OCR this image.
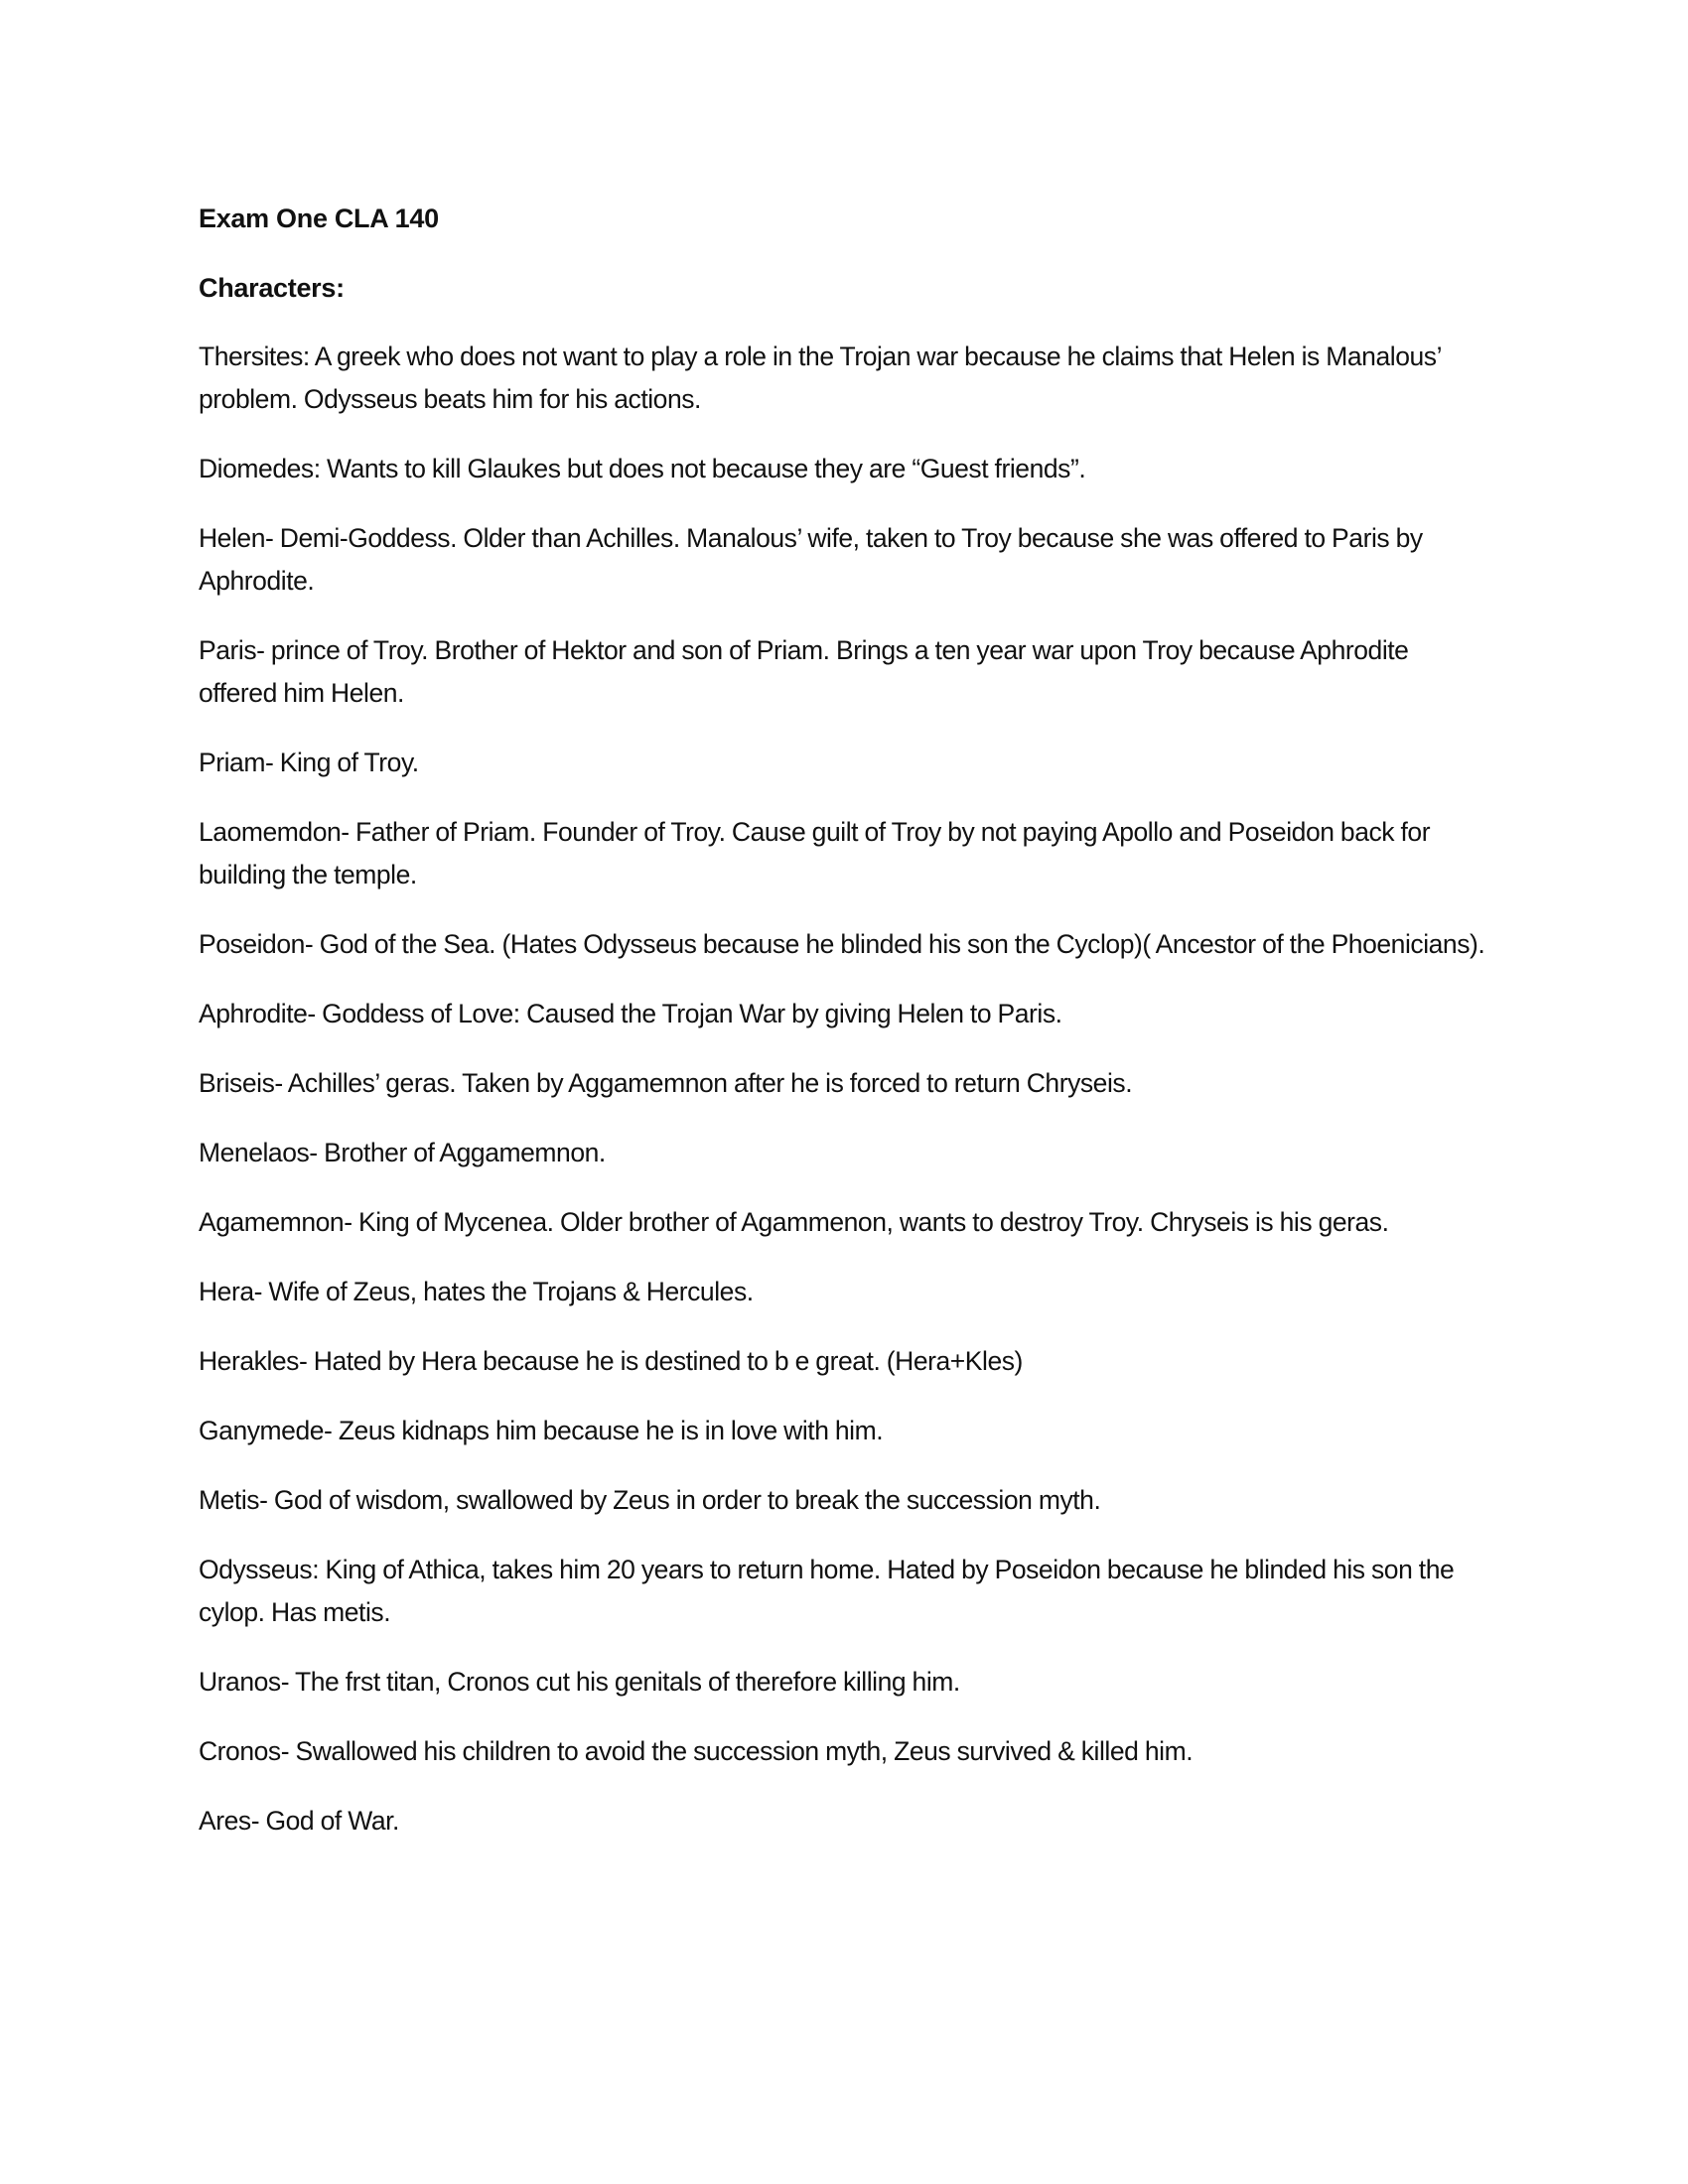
Exam One CLA 140

Characters:

Thersites: A greek who does not want to play a role in the Trojan war because he claims that Helen is Manalous’ problem. Odysseus beats him for his actions.

Diomedes: Wants to kill Glaukes but does not because they are “Guest friends”.

Helen- Demi-Goddess. Older than Achilles. Manalous’ wife, taken to Troy because she was offered to Paris by Aphrodite.

Paris- prince of Troy. Brother of Hektor and son of Priam. Brings a ten year war upon Troy because Aphrodite offered him Helen.

Priam- King of Troy.

Laomemdon- Father of Priam. Founder of Troy. Cause guilt of Troy by not paying Apollo and Poseidon back for building the temple.

Poseidon- God of the Sea. (Hates Odysseus because he blinded his son the Cyclop)( Ancestor of the Phoenicians).

Aphrodite- Goddess of Love: Caused the Trojan War by giving Helen to Paris.

Briseis- Achilles’ geras. Taken by Aggamemnon after he is forced to return Chryseis.

Menelaos- Brother of Aggamemnon.

Agamemnon- King of Mycenea. Older brother of Agammenon, wants to destroy Troy. Chryseis is his geras.

Hera- Wife of Zeus, hates the Trojans & Hercules.

Herakles- Hated by Hera because he is destined to b e great. (Hera+Kles)

Ganymede- Zeus kidnaps him because he is in love with him.

Metis- God of wisdom, swallowed by Zeus in order to break the succession myth.

Odysseus: King of Athica, takes him 20 years to return home. Hated by Poseidon because he blinded his son the cylop. Has metis.

Uranos- The frst titan, Cronos cut his genitals of therefore killing him.

Cronos- Swallowed his children to avoid the succession myth, Zeus survived & killed him.

Ares- God of War.
